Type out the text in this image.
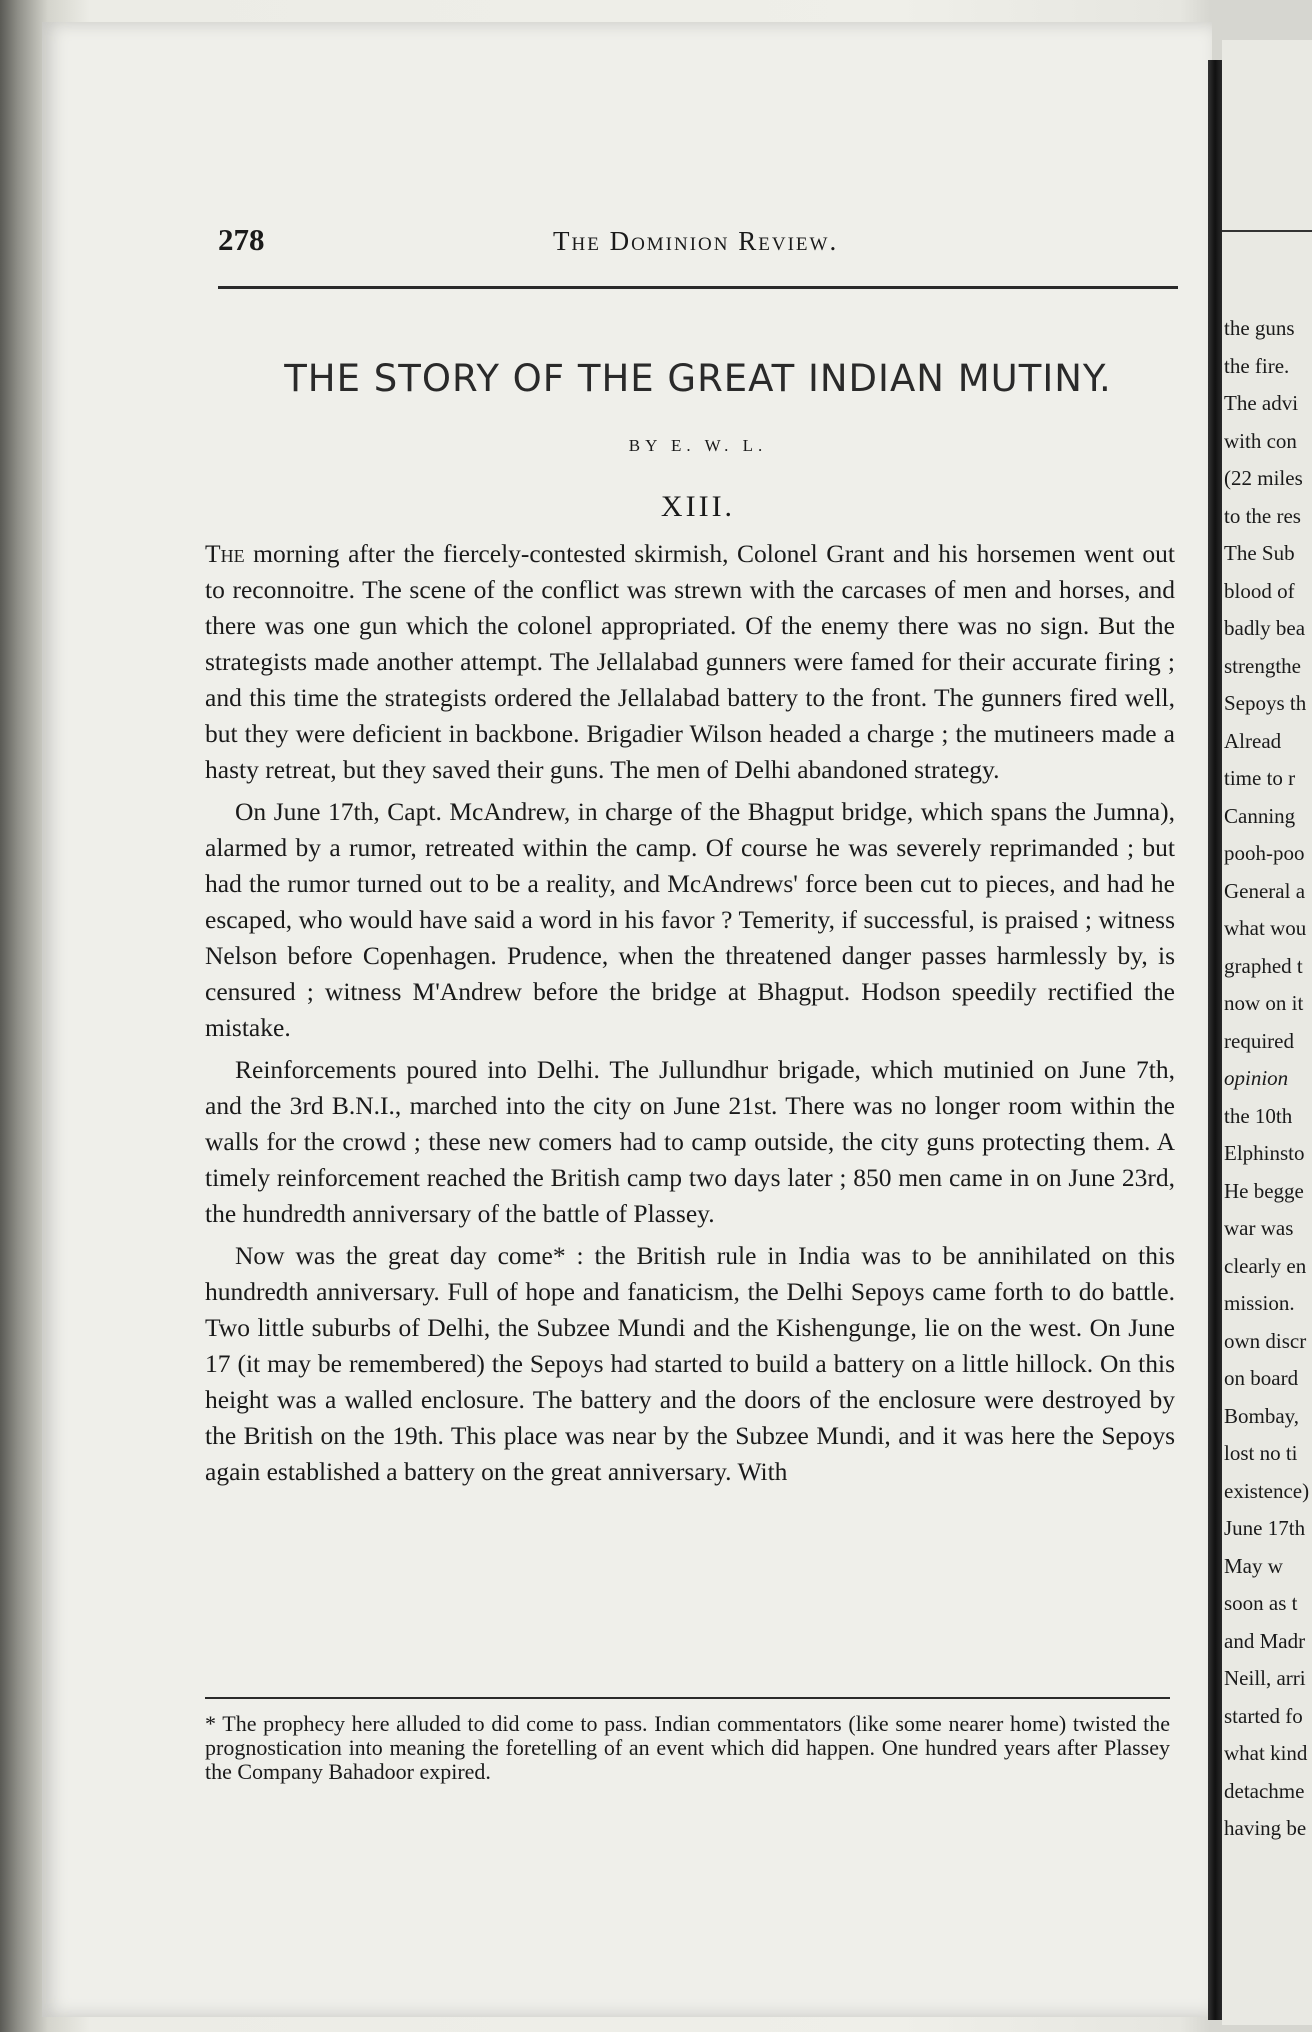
278	The Dominion Review.
THE STORY OF THE GREAT INDIAN MUTINY.
BY E. W. L.
XIII.

The morning after the fiercely-contested skirmish, Colonel Grant and his horsemen went out to reconnoitre. The scene of the conflict was strewn with the carcases of men and horses, and there was one gun which the colonel appropriated. Of the enemy there was no sign. But the strategists made another attempt. The Jellalabad gunners were famed for their accurate firing ; and this time the strategists ordered the Jellalabad battery to the front. The gunners fired well, but they were deficient in backbone. Brigadier Wilson headed a charge ; the mutineers made a hasty retreat, but they saved their guns. The men of Delhi abandoned strategy.

On June 17th, Capt. McAndrew, in charge of the Bhagput bridge, which spans the Jumna), alarmed by a rumor, retreated within the camp. Of course he was severely reprimanded ; but had the rumor turned out to be a reality, and McAndrews' force been cut to pieces, and had he escaped, who would have said a word in his favor ? Temerity, if successful, is praised ; witness Nelson before Copenhagen. Prudence, when the threatened danger passes harmlessly by, is censured ; witness M'Andrew before the bridge at Bhagput. Hodson speedily rectified the mistake.

Reinforcements poured into Delhi. The Jullundhur brigade, which mutinied on June 7th, and the 3rd B.N.I., marched into the city on June 21st. There was no longer room within the walls for the crowd ; these new comers had to camp outside, the city guns protecting them. A timely reinforcement reached the British camp two days later ; 850 men came in on June 23rd, the hundredth anniversary of the battle of Plassey.

Now was the great day come* : the British rule in India was to be annihilated on this hundredth anniversary. Full of hope and fanaticism, the Delhi Sepoys came forth to do battle. Two little suburbs of Delhi, the Subzee Mundi and the Kishengunge, lie on the west. On June 17 (it may be remembered) the Sepoys had started to build a battery on a little hillock. On this height was a walled enclosure. The battery and the doors of the enclosure were destroyed by the British on the 19th. This place was near by the Subzee Mundi, and it was here the Sepoys again established a battery on the great anniversary. With

* The prophecy here alluded to did come to pass. Indian commentators (like some nearer home) twisted the prognostication into meaning the foretelling of an event which did happen. One hundred years after Plassey the Company Bahadoor expired.
the guns
the fire.
The advi
with con
(22 miles
to the res
The Sub
blood of
badly bea
strengthe
Sepoys th
Alread
time to r
Canning
pooh-poo
General a
what wou
graphed t
now on it
required
opinion
the 10th
Elphinsto
He begge
war was
clearly en
mission.
own discr
on board
Bombay,
lost no ti
existence)
June 17th
May w
soon as t
and Madr
Neill, arri
started fo
what kind
detachme
having be
